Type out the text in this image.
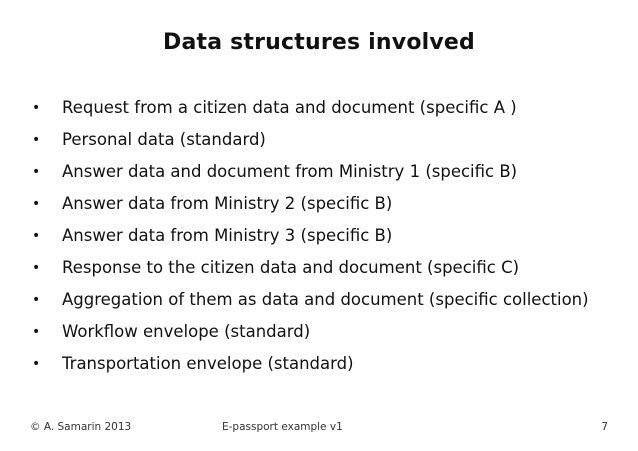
Data structures involved
• Request from a citizen data and document (specific A )
• Personal data (standard)
• Answer data and document from Ministry 1 (specific B)
• Answer data from Ministry 2 (specific B)
• Answer data from Ministry 3 (specific B)
• Response to the citizen data and document (specific C)
• Aggregation of them as data and document (specific collection)
• Workflow envelope (standard)
• Transportation envelope (standard)
© A. Samarin 2013	E-passport example v1	7
